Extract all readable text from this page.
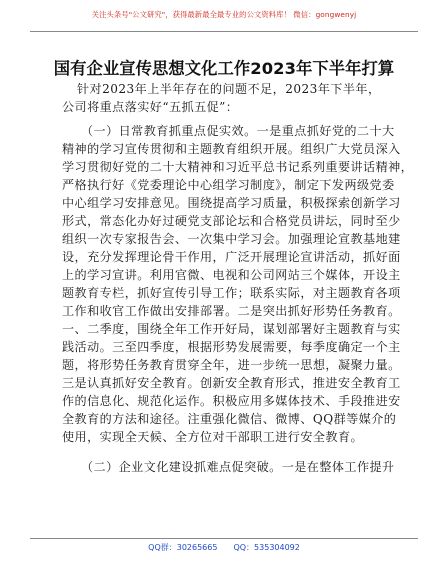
关注头条号"公文研究"，获得最新最全最专业的公文资料库！ 微信：gongwenyj
国有企业宣传思想文化工作2023年下半年打算
针对2023年上半年存在的问题不足，2023年下半年，
公司将重点落实好“五抓五促”：
（一）日常教育抓重点促实效。一是重点抓好党的二十大
精神的学习宣传贯彻和主题教育组织开展。组织广大党员深入
学习贯彻好党的二十大精神和习近平总书记系列重要讲话精神，
严格执行好《党委理论中心组学习制度》，制定下发两级党委
中心组学习安排意见。围绕提高学习质量，积极探索创新学习
形式，常态化办好过硬党支部论坛和合格党员讲坛，同时至少
组织一次专家报告会、一次集中学习会。加强理论宣教基地建
设，充分发挥理论骨干作用，广泛开展理论宣讲活动，抓好面
上的学习宣讲。利用官微、电视和公司网站三个媒体，开设主
题教育专栏，抓好宣传引导工作；联系实际，对主题教育各项
工作和收官工作做出安排部署。二是突出抓好形势任务教育。
一、二季度，围绕全年工作开好局，谋划部署好主题教育与实
践活动。三至四季度，根据形势发展需要，每季度确定一个主
题，将形势任务教育贯穿全年，进一步统一思想，凝聚力量。
三是认真抓好安全教育。创新安全教育形式，推进安全教育工
作的信息化、规范化运作。积极应用多媒体技术、手段推进安
全教育的方法和途径。注重强化微信、微博、QQ群等媒介的
使用，实现全天候、全方位对干部职工进行安全教育。
（二）企业文化建设抓难点促突破。一是在整体工作提升
QQ群：30265665 QQ：535304092
